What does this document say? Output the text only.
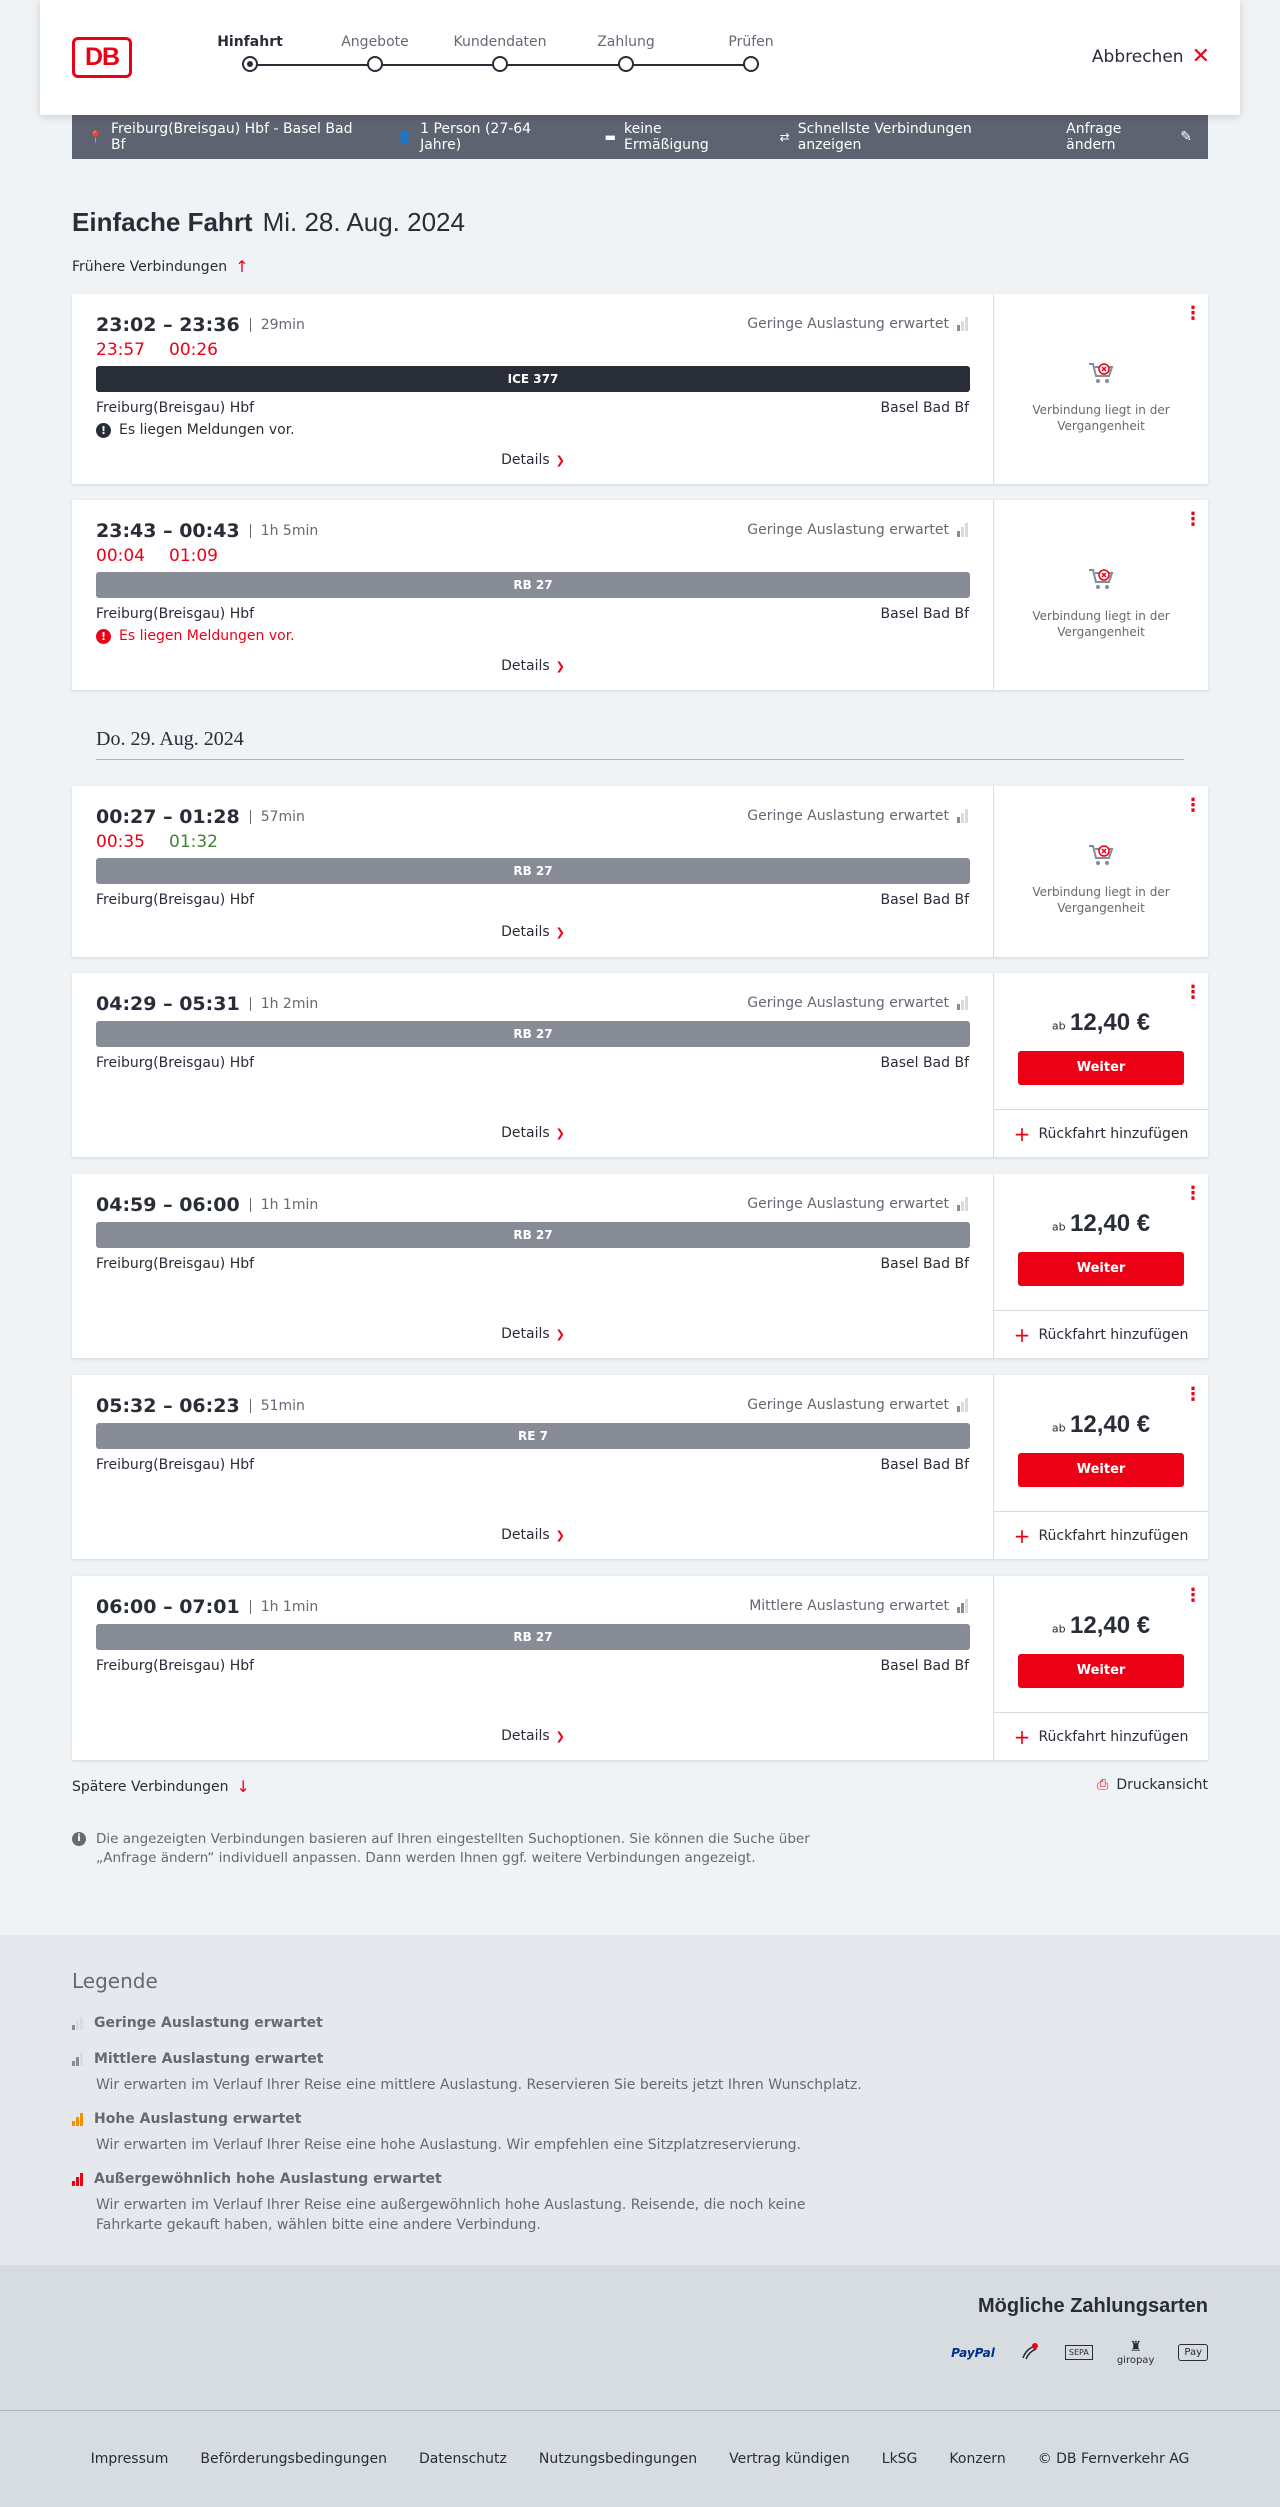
DB
Hinfahrt	Angebote	Kundendaten	Zahlung	Prüfen
Abbrechen ✕
📍 Freiburg(Breisgau) Hbf - Basel Bad Bf	👤 1 Person (27-64 Jahre)	▬ keine Ermäßigung	⇄ Schnellste Verbindungen anzeigen
Anfrage ändern	✎
Einfache Fahrt Mi. 28. Aug. 2024
Frühere Verbindungen ↑
23:02 – 23:36	29min
23:57 00:26
Geringe Auslastung erwartet
ICE 377
Freiburg(Breisgau) Hbf	Basel Bad Bf
! Es liegen Meldungen vor.
Details ❯
⋮
Verbindung liegt in der Vergangenheit
23:43 – 00:43	1h 5min
00:04 01:09
Geringe Auslastung erwartet
RB 27
Freiburg(Breisgau) Hbf	Basel Bad Bf
! Es liegen Meldungen vor.
Details ❯
⋮
Verbindung liegt in der Vergangenheit
Do. 29. Aug. 2024
00:27 – 01:28	57min
00:35 01:32
Geringe Auslastung erwartet
RB 27
Freiburg(Breisgau) Hbf	Basel Bad Bf
Details ❯
⋮
Verbindung liegt in der Vergangenheit
04:29 – 05:31	1h 2min	Geringe Auslastung erwartet
RB 27
Freiburg(Breisgau) Hbf	Basel Bad Bf
Details ❯
⋮
ab 12,40 €
Weiter
+ Rückfahrt hinzufügen
04:59 – 06:00	1h 1min	Geringe Auslastung erwartet
RB 27
Freiburg(Breisgau) Hbf	Basel Bad Bf
Details ❯
⋮
ab 12,40 €
Weiter
+ Rückfahrt hinzufügen
05:32 – 06:23	51min	Geringe Auslastung erwartet
RE 7
Freiburg(Breisgau) Hbf	Basel Bad Bf
Details ❯
⋮
ab 12,40 €
Weiter
+ Rückfahrt hinzufügen
06:00 – 07:01	1h 1min	Mittlere Auslastung erwartet
RB 27
Freiburg(Breisgau) Hbf	Basel Bad Bf
Details ❯
⋮
ab 12,40 €
Weiter
+ Rückfahrt hinzufügen
Spätere Verbindungen ↓	⎙ Druckansicht
i	Die angezeigten Verbindungen basieren auf Ihren eingestellten Suchoptionen. Sie können die Suche über „Anfrage ändern“ individuell anpassen. Dann werden Ihnen ggf. weitere Verbindungen angezeigt.
Legende
Geringe Auslastung erwartet
Mittlere Auslastung erwartet
Wir erwarten im Verlauf Ihrer Reise eine mittlere Auslastung. Reservieren Sie bereits jetzt Ihren Wunschplatz.
Hohe Auslastung erwartet
Wir erwarten im Verlauf Ihrer Reise eine hohe Auslastung. Wir empfehlen eine Sitzplatzreservierung.
Außergewöhnlich hohe Auslastung erwartet
Wir erwarten im Verlauf Ihrer Reise eine außergewöhnlich hohe Auslastung. Reisende, die noch keine Fahrkarte gekauft haben, wählen bitte eine andere Verbindung.
Mögliche Zahlungsarten
PayPal	SEPA	♜
giropay
Pay
Impressum Beförderungsbedingungen Datenschutz Nutzungsbedingungen Vertrag kündigen LkSG Konzern © DB Fernverkehr AG
